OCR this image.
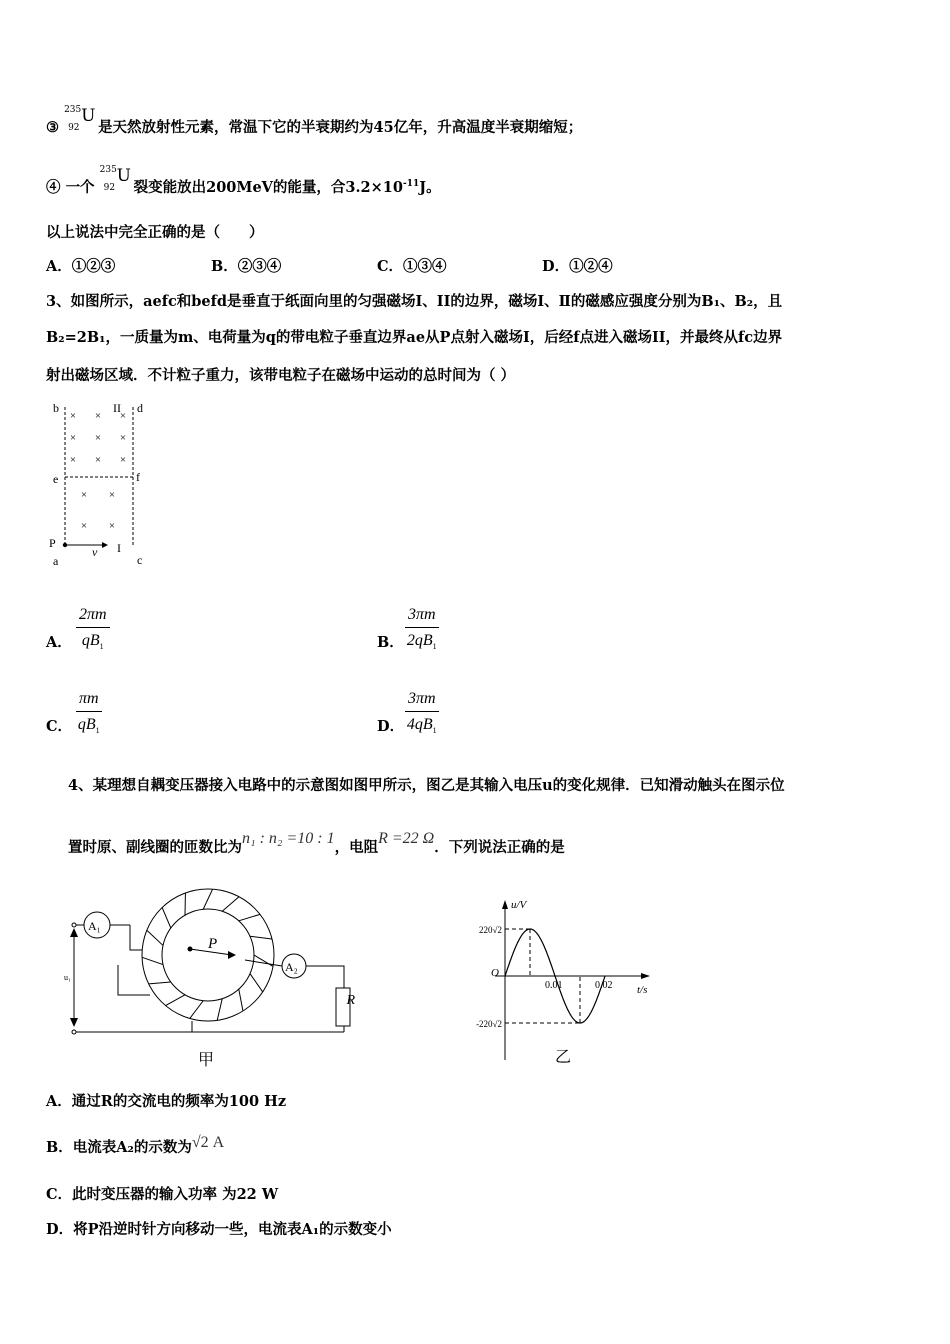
③
235
92
U
是天然放射性元素，常温下它的半衰期约为45亿年，升高温度半衰期缩短；
④ 一个
235
92
U
裂变能放出200MeV的能量，合$3.2\times 10^{-11}J$。
以上说法中完全正确的是（　　）
A．①②③	B．②③④	C．①③④	D．①②④
3、如图所示，aefc和befd是垂直于纸面向里的匀强磁场I、II的边界，磁场I、Ⅱ的磁感应强度分别为B₁、B₂，且
B₂=2B₁，一质量为m、电荷量为q的带电粒子垂直边界ae从P点射入磁场I，后经f点进入磁场II，并最终从fc边界
射出磁场区域．不计粒子重力，该带电粒子在磁场中运动的总时间为（ ）
b	d
II
e	f
P
v I
a	c
× × ×
× × ×
× × ×
× ×
× ×
A． $\frac{2\pi m}{qB_1}$	B． $\frac{3\pi m}{2qB_1}$
C． $\frac{\pi m}{qB_1}$	D． $\frac{3\pi m}{4qB_1}$
4、某理想自耦变压器接入电路中的示意图如图甲所示，图乙是其输入电压u的变化规律．已知滑动触头在图示位
置时原、副线圈的匝数比为n₁ : n₂ =10 : 1，电阻R =22 Ω．下列说法正确的是
A₁
A₂
P
R
u₁
甲
u/V
t/s
O
220√2
-220√2
0.01	0.02
乙
A．通过R的交流电的频率为100 Hz
B．电流表A₂的示数为√2 A
C．此时变压器的输入功率 为22 W
D．将P沿逆时针方向移动一些，电流表A₁的示数变小
